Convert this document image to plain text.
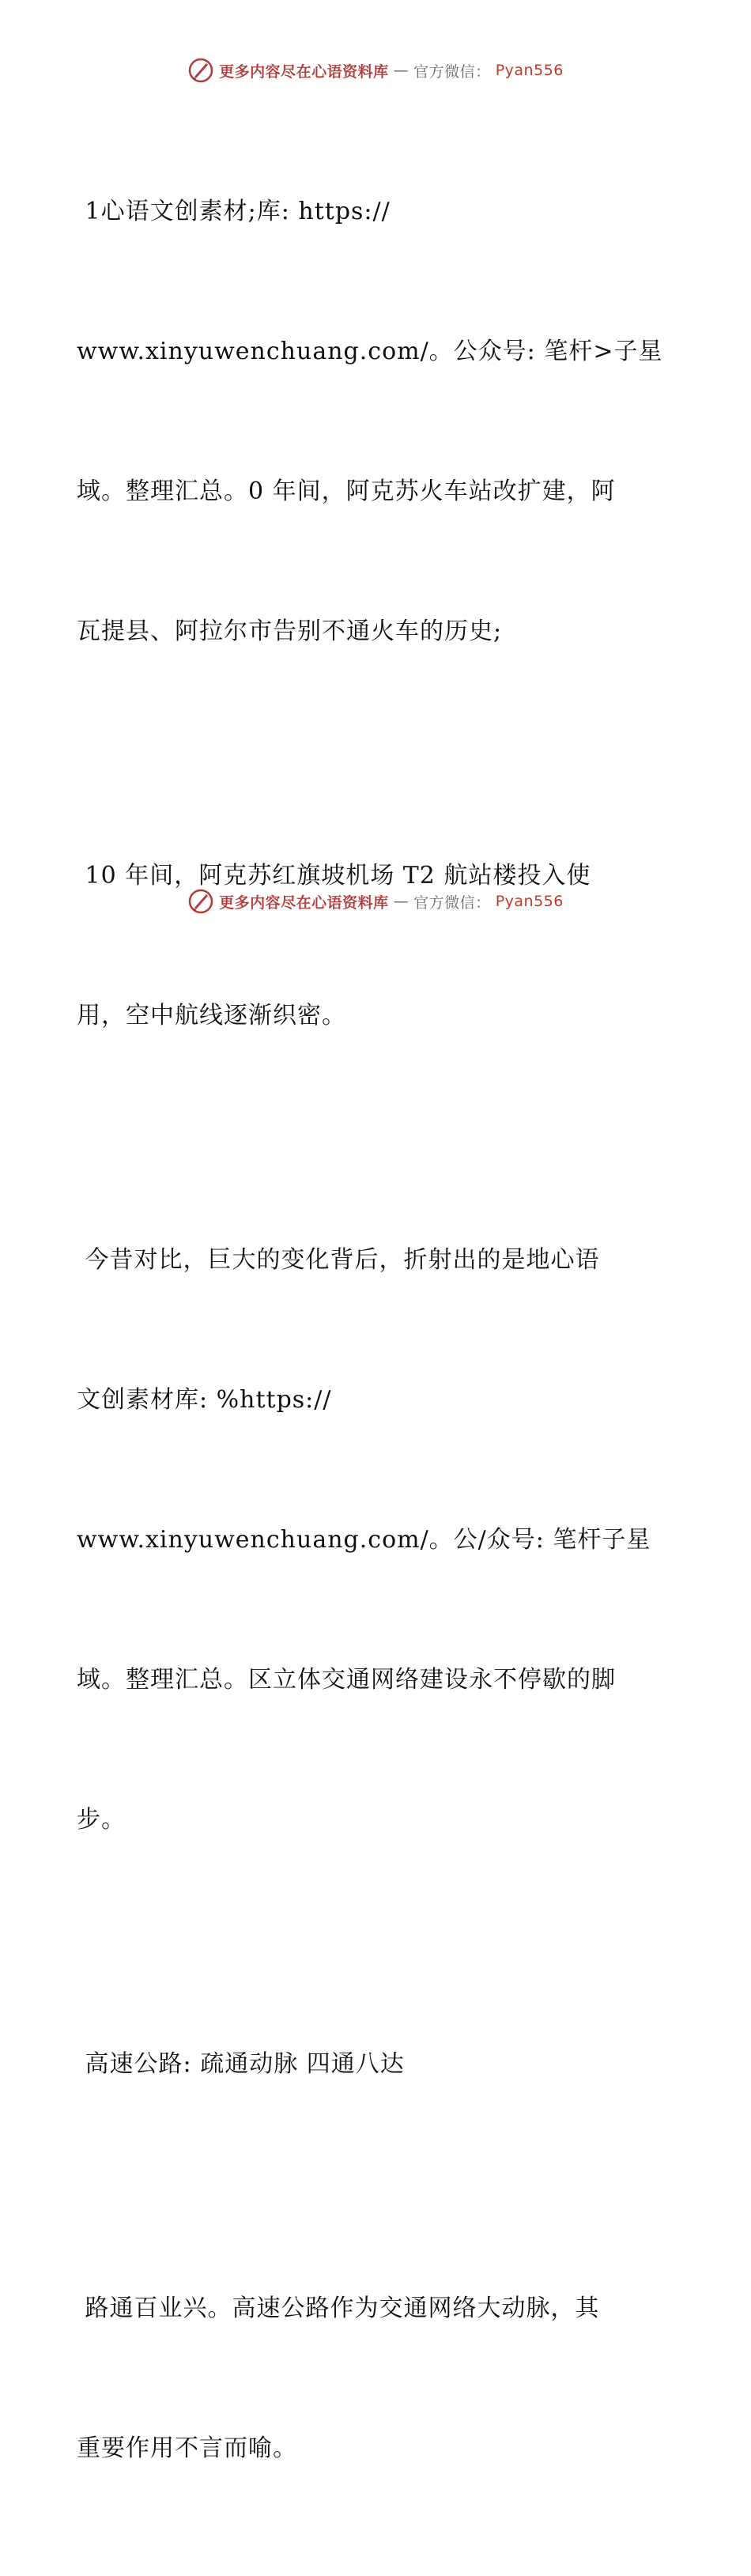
更多内容尽在心语资料库 — 官方微信： Pyan556

1心语文创素材;库: https://

www.xinyuwenchuang.com/。公众号: 笔杆>子星

域。整理汇总。0 年间，阿克苏火车站改扩建，阿

瓦提县、阿拉尔市告别不通火车的历史;

10 年间，阿克苏红旗坡机场 T2 航站楼投入使

用，空中航线逐渐织密。

今昔对比，巨大的变化背后，折射出的是地心语

文创素材库: %https://

www.xinyuwenchuang.com/。公/众号: 笔杆子星

域。整理汇总。区立体交通网络建设永不停歇的脚

步。

高速公路: 疏通动脉 四通八达

路通百业兴。高速公路作为交通网络大动脉，其

重要作用不言而喻。

更多内容尽在心语资料库 — 官方微信： Pyan556
